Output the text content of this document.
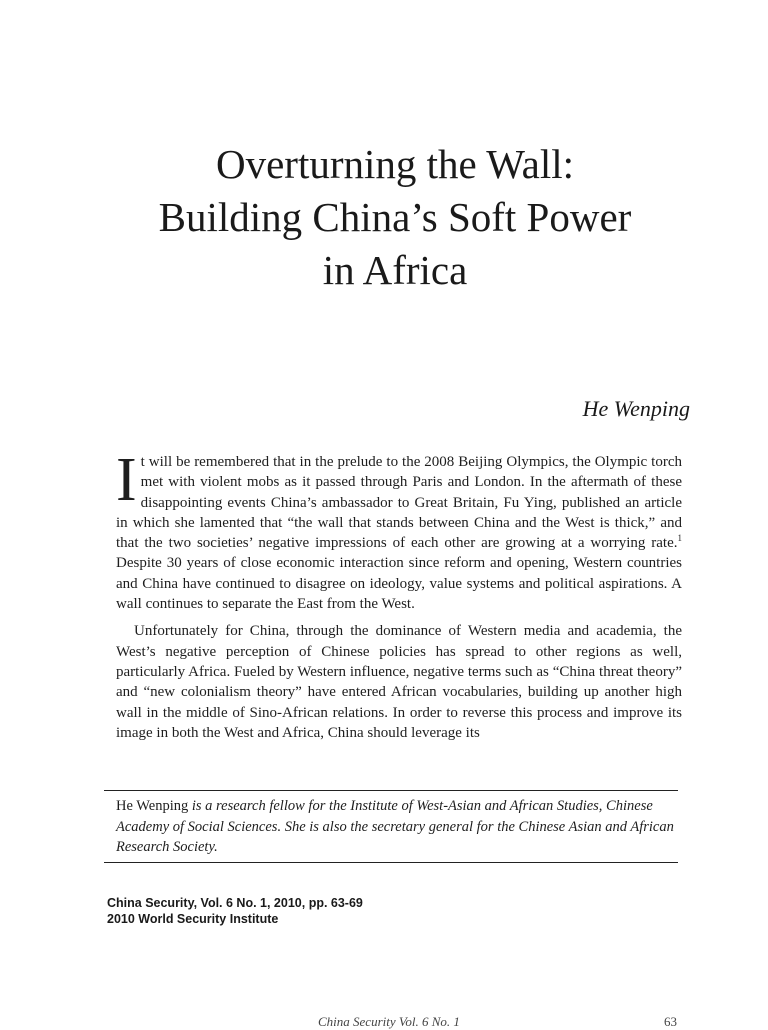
Overturning the Wall:
Building China’s Soft Power
in Africa
He Wenping

It will be remembered that in the prelude to the 2008 Beijing Olympics, the Olympic torch met with violent mobs as it passed through Paris and London. In the aftermath of these disappointing events China’s ambassador to Great Britain, Fu Ying, published an article in which she lamented that “the wall that stands between China and the West is thick,” and that the two societies’ negative impressions of each other are growing at a worrying rate.$^1$ Despite 30 years of close economic interaction since reform and opening, Western countries and China have continued to disagree on ideology, value systems and political aspirations. A wall continues to separate the East from the West.

Unfortunately for China, through the dominance of Western media and academia, the West’s negative perception of Chinese policies has spread to other regions as well, particularly Africa. Fueled by Western influence, negative terms such as “China threat theory” and “new colonialism theory” have entered African vocabularies, building up another high wall in the middle of Sino-African relations. In order to reverse this process and improve its image in both the West and Africa, China should leverage its

He Wenping is a research fellow for the Institute of West-Asian and African Studies, Chinese Academy of Social Sciences. She is also the secretary general for the Chinese Asian and African Research Society.
China Security, Vol. 6 No. 1, 2010, pp. 63-69
2010 World Security Institute
China Security Vol. 6 No. 1	63
